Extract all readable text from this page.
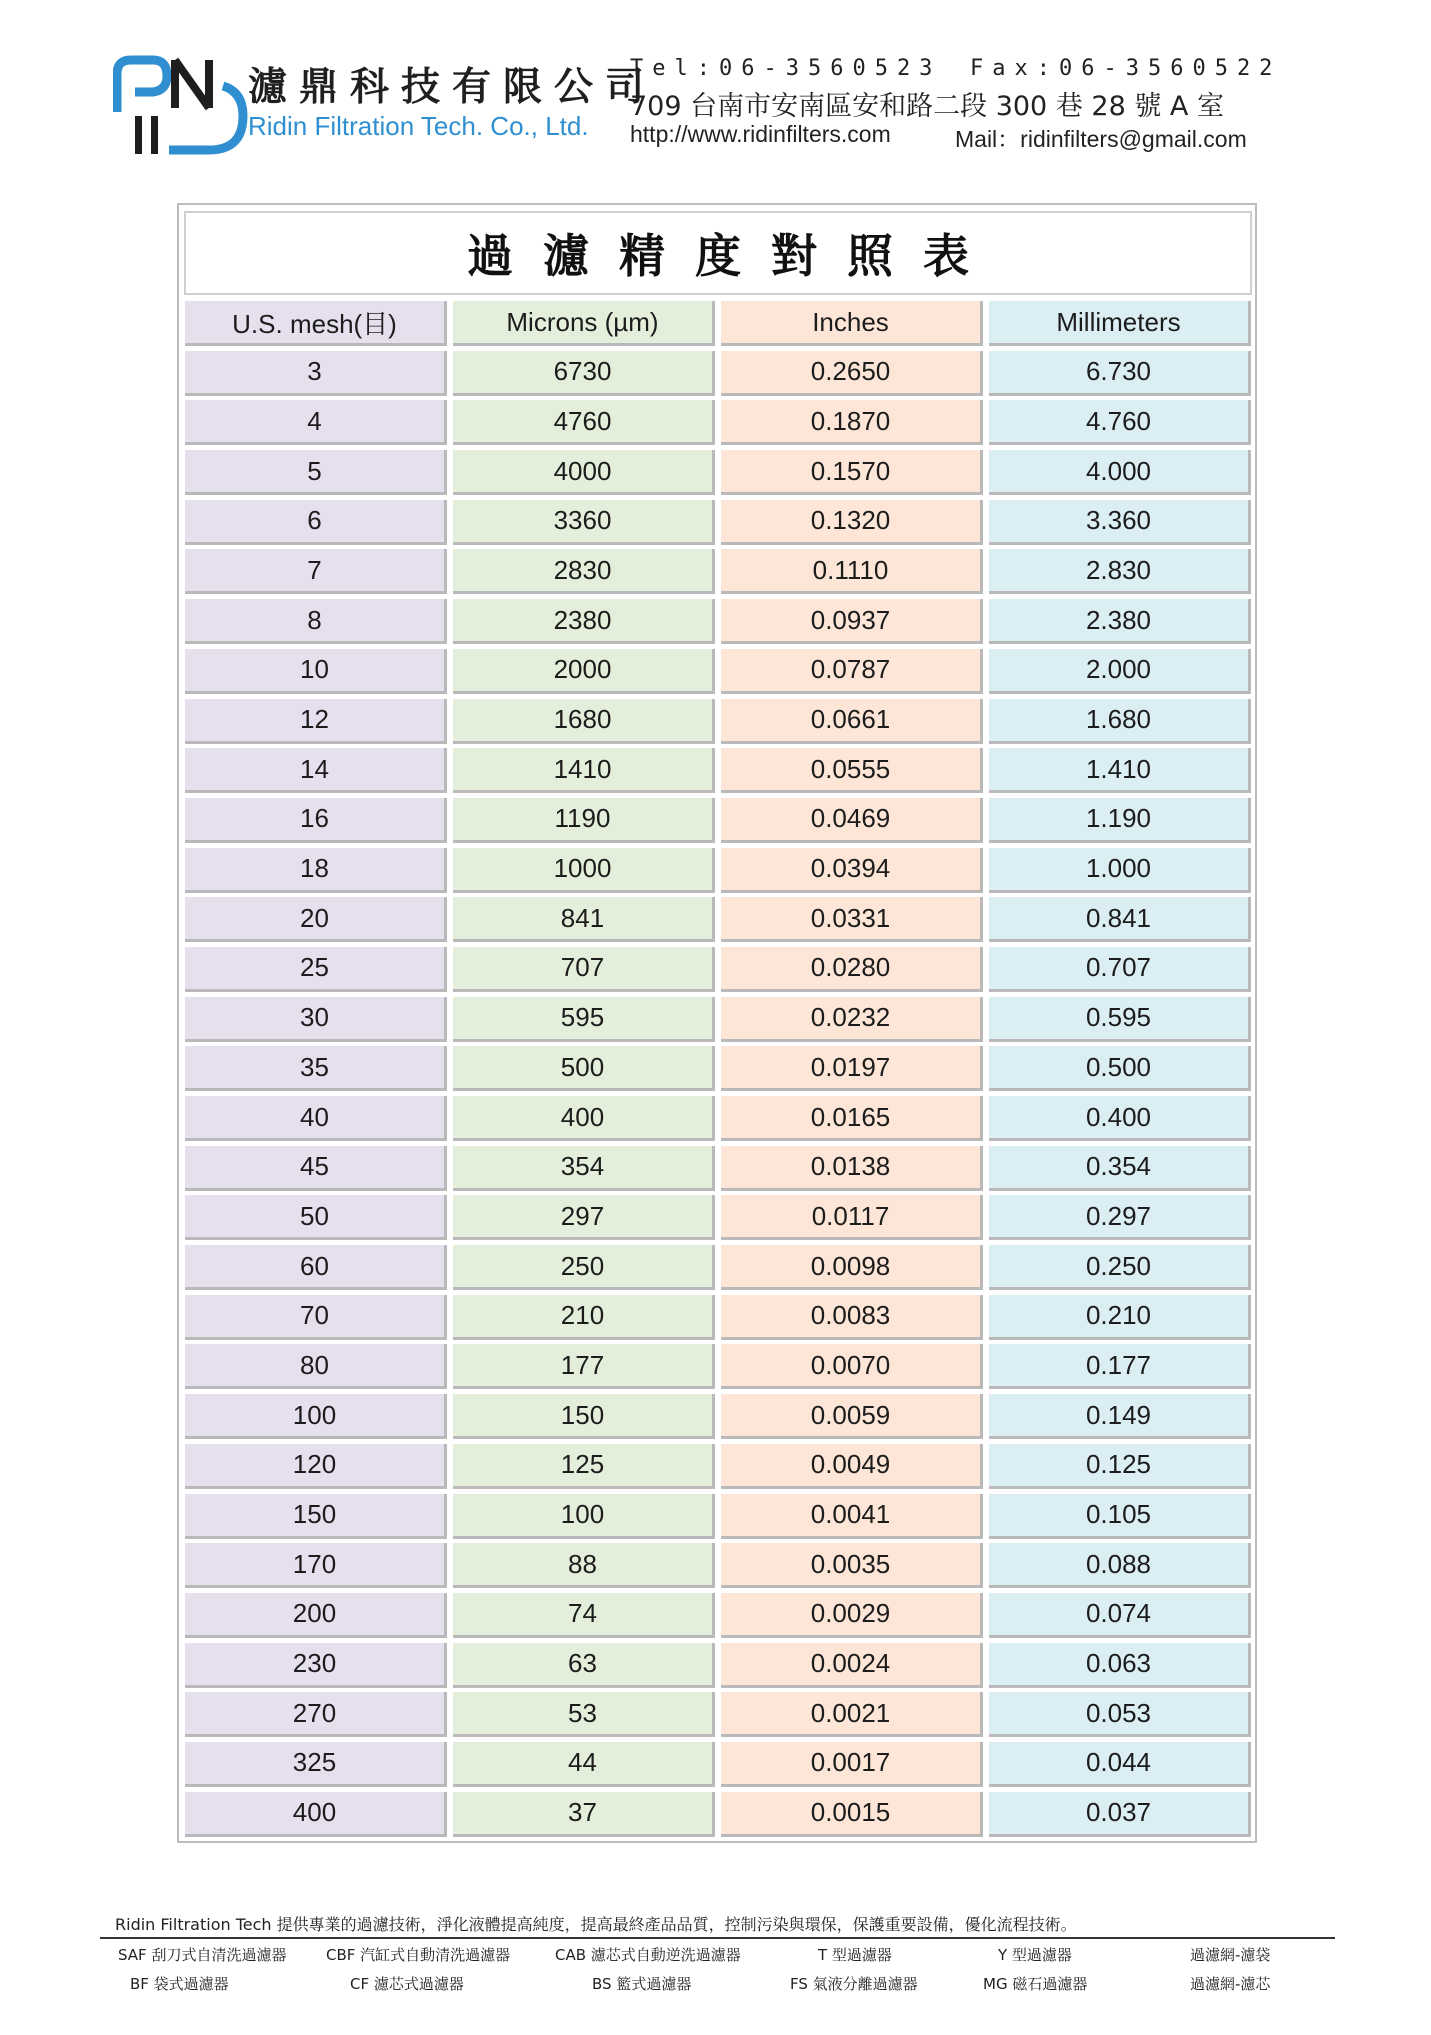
濾鼎科技有限公司
Ridin Filtration Tech. Co., Ltd.
Tel:06-3560523 Fax:06-3560522
709 台南市安南區安和路二段 300 巷 28 號 A 室
http://www.ridinfilters.com	Mail：ridinfilters@gmail.com
過濾精度對照表
U.S. mesh(目)	Microns (µm)	Inches	Millimeters
3	6730	0.2650	6.730
4	4760	0.1870	4.760
5	4000	0.1570	4.000
6	3360	0.1320	3.360
7	2830	0.1110	2.830
8	2380	0.0937	2.380
10	2000	0.0787	2.000
12	1680	0.0661	1.680
14	1410	0.0555	1.410
16	1190	0.0469	1.190
18	1000	0.0394	1.000
20	841	0.0331	0.841
25	707	0.0280	0.707
30	595	0.0232	0.595
35	500	0.0197	0.500
40	400	0.0165	0.400
45	354	0.0138	0.354
50	297	0.0117	0.297
60	250	0.0098	0.250
70	210	0.0083	0.210
80	177	0.0070	0.177
100	150	0.0059	0.149
120	125	0.0049	0.125
150	100	0.0041	0.105
170	88	0.0035	0.088
200	74	0.0029	0.074
230	63	0.0024	0.063
270	53	0.0021	0.053
325	44	0.0017	0.044
400	37	0.0015	0.037
Ridin Filtration Tech 提供專業的過濾技術，淨化液體提高純度，提高最終產品品質，控制污染與環保，保護重要設備，優化流程技術。
SAF 刮刀式自清洗過濾器	CBF 汽缸式自動清洗過濾器	CAB 濾芯式自動逆洗過濾器	T 型過濾器	Y 型過濾器	過濾網-濾袋
BF 袋式過濾器	CF 濾芯式過濾器	BS 籃式過濾器	FS 氣液分離過濾器	MG 磁石過濾器	過濾網-濾芯
